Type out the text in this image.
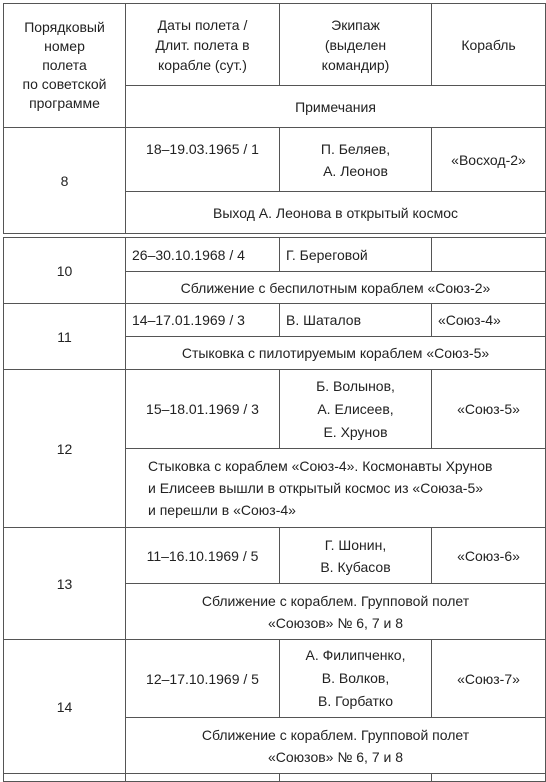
Порядковый
номер
полета
по советской
программе	Даты полета /
Длит. полета в
корабле (сут.)	Экипаж
(выделен
командир)	Корабль
	Примечания		
8	18–19.03.1965 / 1	П. Беляев,
А. Леонов	«Восход-2»
	Выход А. Леонова в открытый космос		
10	26–30.10.1968 / 4	Г. Береговой	
	Сближение с беспилотным кораблем «Союз-2»		
11	14–17.01.1969 / 3	В. Шаталов	«Союз-4»
	Стыковка с пилотируемым кораблем «Союз-5»		
12	15–18.01.1969 / 3	Б. Волынов,
А. Елисеев,
Е. Хрунов	«Союз-5»

	Стыковка с кораблем «Союз-4». Космонавты Хрунов
и Елисеев вышли в открытый космос из «Союза-5»
и перешли в «Союз-4»		

13	11–16.10.1969 / 5	Г. Шонин,
В. Кубасов	«Союз-6»

	Сближение с кораблем. Групповой полет
«Союзов» № 6, 7 и 8		

14	12–17.10.1969 / 5	А. Филипченко,
В. Волков,
В. Горбатко	«Союз-7»

	Сближение с кораблем. Групповой полет
«Союзов» № 6, 7 и 8		
